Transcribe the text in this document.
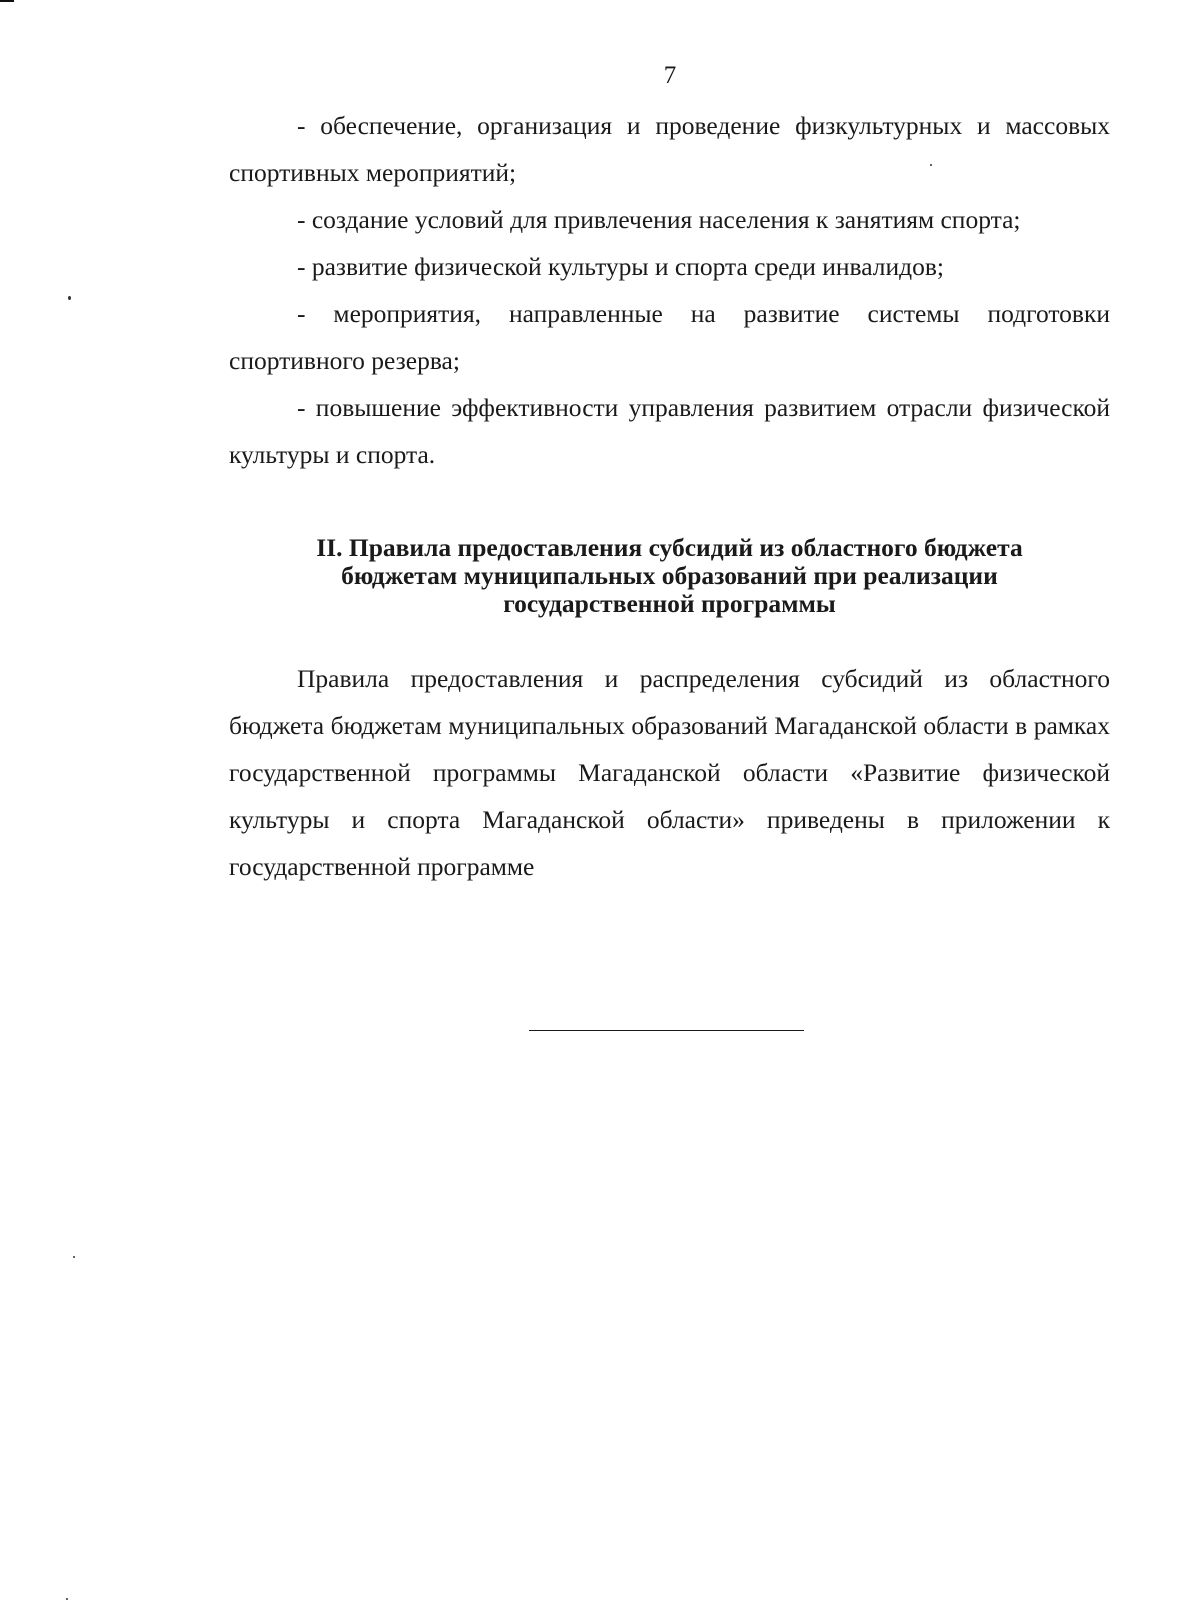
7

- обеспечение, организация и проведение физкультурных и массовых спортивных мероприятий;

- создание условий для привлечения населения к занятиям спорта;

- развитие физической культуры и спорта среди инвалидов;

- мероприятия, направленные на развитие системы подготовки спортивного резерва;

- повышение эффективности управления развитием отрасли физической культуры и спорта.

II. Правила предоставления субсидий из областного бюджета
бюджетам муниципальных образований при реализации
государственной программы

Правила предоставления и распределения субсидий из областного бюджета бюджетам муниципальных образований Магаданской области в рамках государственной программы Магаданской области «Развитие физической культуры и спорта Магаданской области» приведены в приложении к государственной программе
